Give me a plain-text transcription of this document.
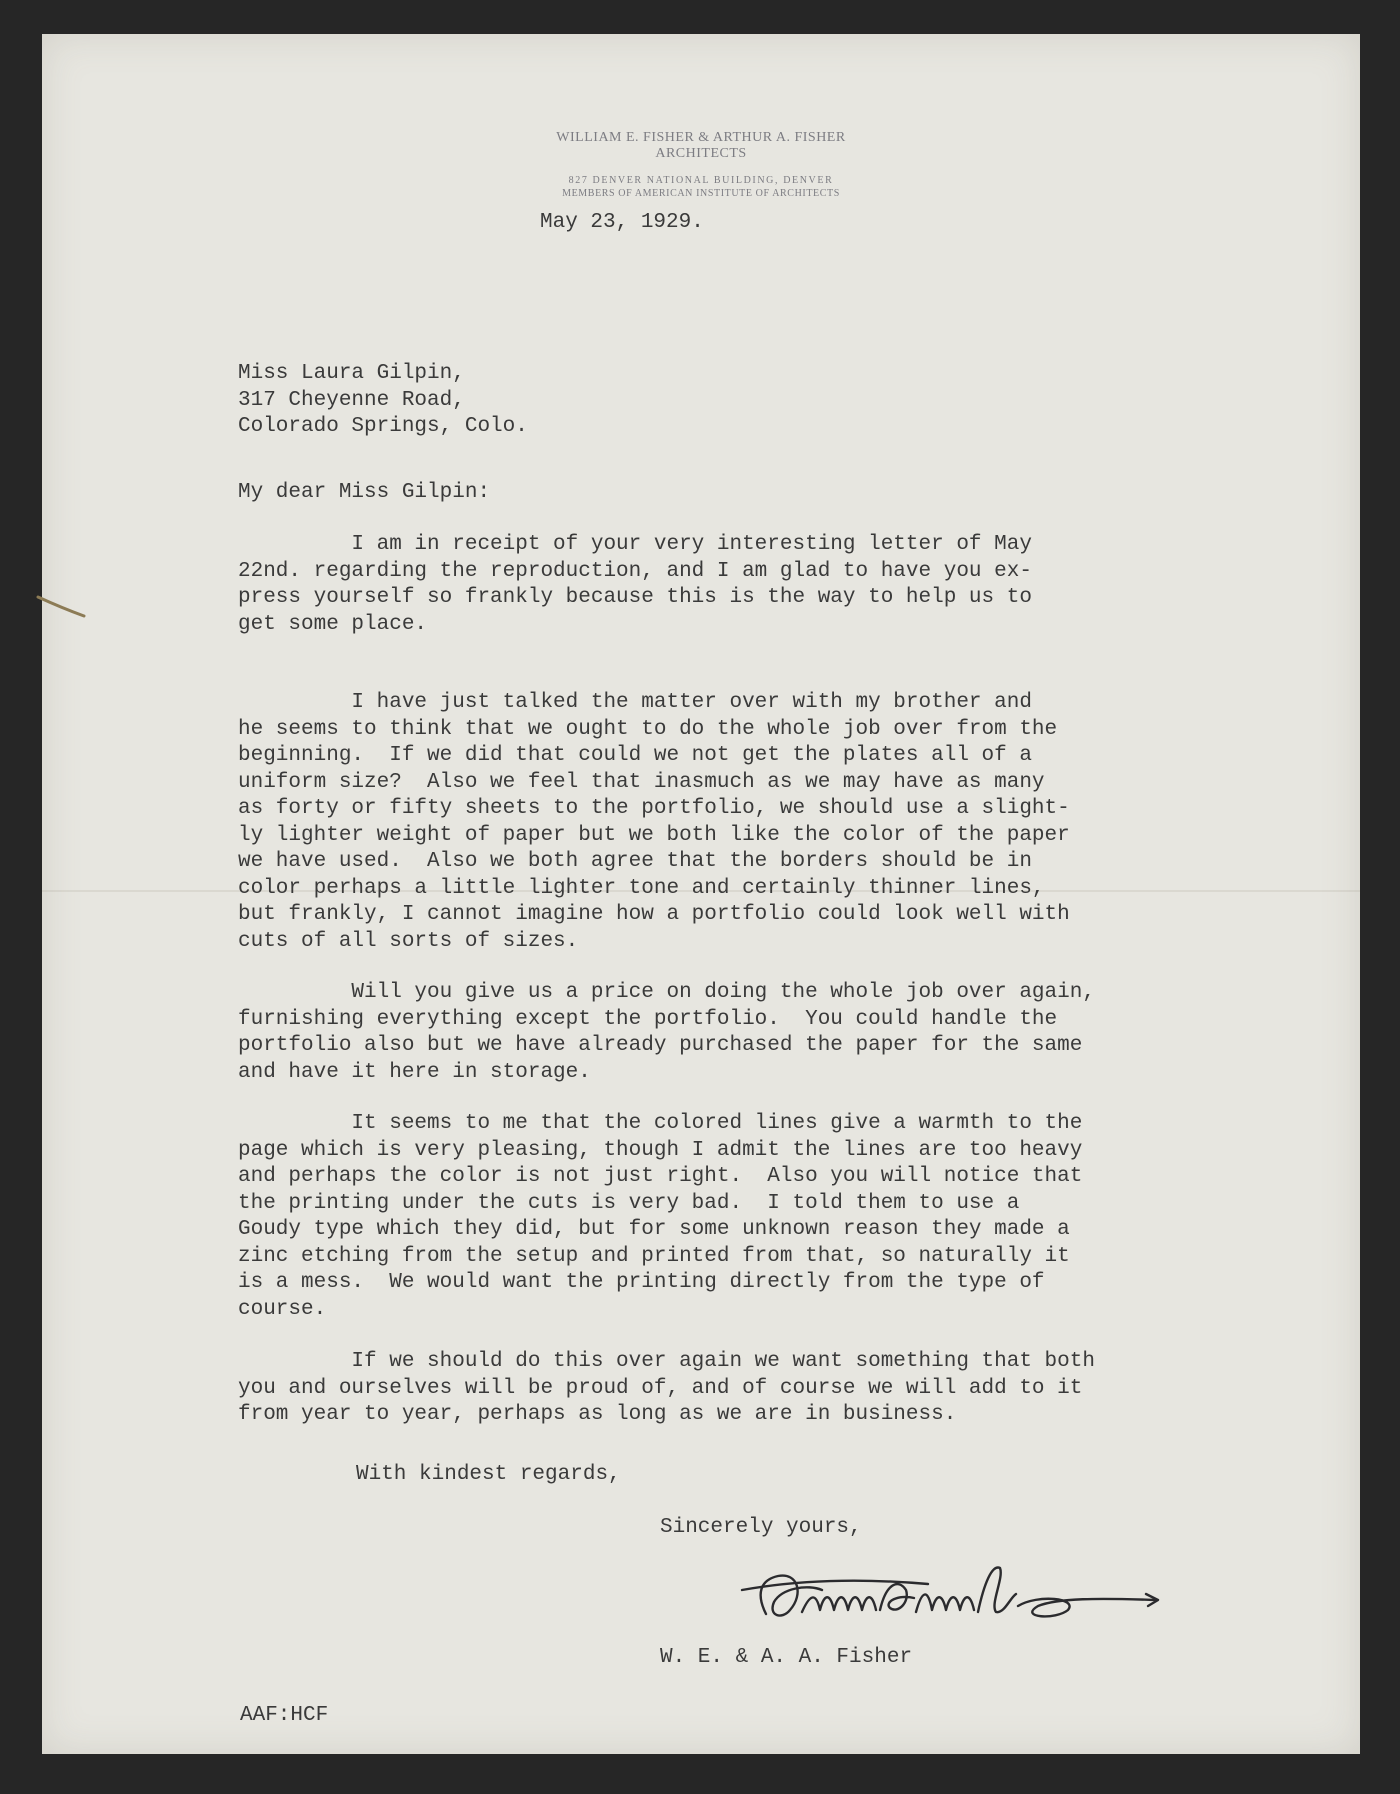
WILLIAM E. FISHER & ARTHUR A. FISHER
ARCHITECTS
827 DENVER NATIONAL BUILDING, DENVER
MEMBERS OF AMERICAN INSTITUTE OF ARCHITECTS
May 23, 1929.
Miss Laura Gilpin,
317 Cheyenne Road,
Colorado Springs, Colo.
My dear Miss Gilpin:
I am in receipt of your very interesting letter of May
22nd. regarding the reproduction, and I am glad to have you ex-
press yourself so frankly because this is the way to help us to
get some place.
I have just talked the matter over with my brother and
he seems to think that we ought to do the whole job over from the
beginning.  If we did that could we not get the plates all of a
uniform size?  Also we feel that inasmuch as we may have as many
as forty or fifty sheets to the portfolio, we should use a slight-
ly lighter weight of paper but we both like the color of the paper
we have used.  Also we both agree that the borders should be in
color perhaps a little lighter tone and certainly thinner lines,
but frankly, I cannot imagine how a portfolio could look well with
cuts of all sorts of sizes.
Will you give us a price on doing the whole job over again,
furnishing everything except the portfolio.  You could handle the
portfolio also but we have already purchased the paper for the same
and have it here in storage.
It seems to me that the colored lines give a warmth to the
page which is very pleasing, though I admit the lines are too heavy
and perhaps the color is not just right.  Also you will notice that
the printing under the cuts is very bad.  I told them to use a
Goudy type which they did, but for some unknown reason they made a
zinc etching from the setup and printed from that, so naturally it
is a mess.  We would want the printing directly from the type of
course.
If we should do this over again we want something that both
you and ourselves will be proud of, and of course we will add to it
from year to year, perhaps as long as we are in business.
With kindest regards,
Sincerely yours,
Arthur A. Fisher
W. E. & A. A. Fisher
AAF:HCF
